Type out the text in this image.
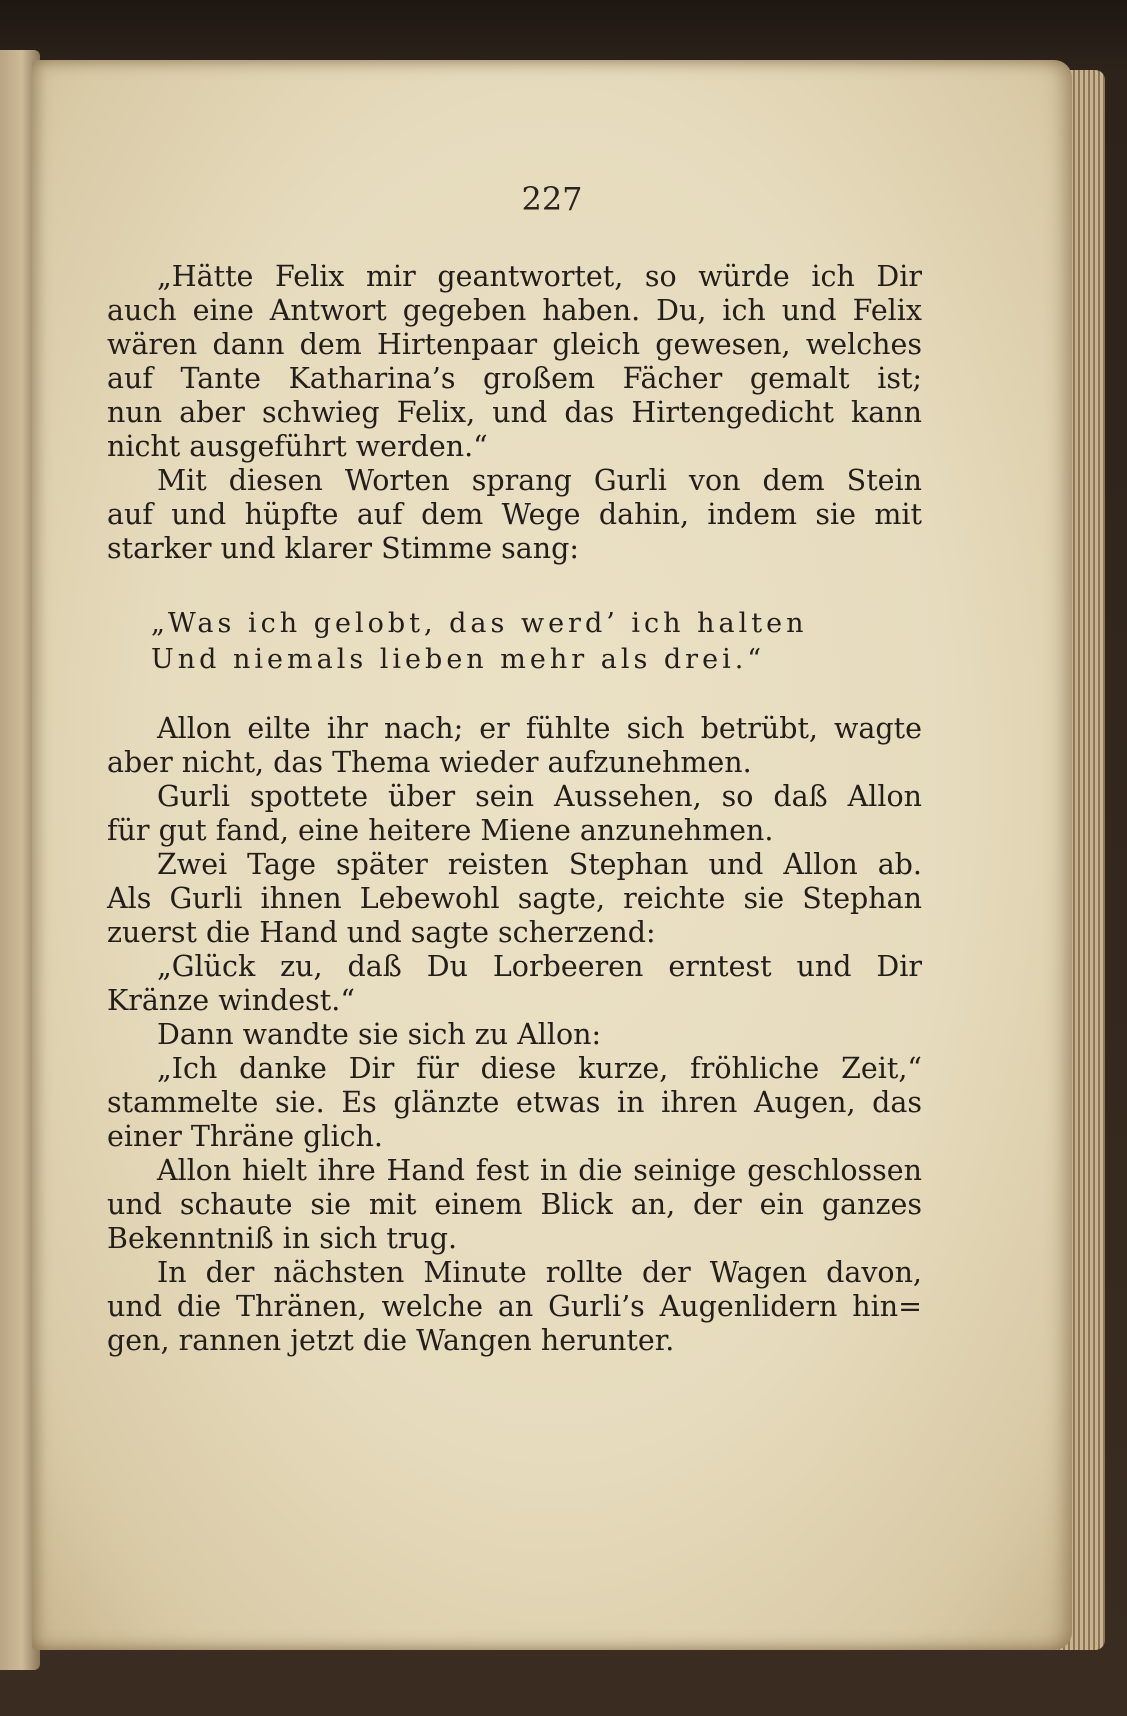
227
„Hätte Felix mir geantwortet, so würde ich Dir
auch eine Antwort gegeben haben. Du, ich und Felix
wären dann dem Hirtenpaar gleich gewesen, welches
auf Tante Katharina’s großem Fächer gemalt ist;
nun aber schwieg Felix, und das Hirtengedicht kann
nicht ausgeführt werden.“
Mit diesen Worten sprang Gurli von dem Stein
auf und hüpfte auf dem Wege dahin, indem sie mit
starker und klarer Stimme sang:
„Was ich gelobt, das werd’ ich halten
Und niemals lieben mehr als drei.“
Allon eilte ihr nach; er fühlte sich betrübt, wagte
aber nicht, das Thema wieder aufzunehmen.
Gurli spottete über sein Aussehen, so daß Allon
für gut fand, eine heitere Miene anzunehmen.
Zwei Tage später reisten Stephan und Allon ab.
Als Gurli ihnen Lebewohl sagte, reichte sie Stephan
zuerst die Hand und sagte scherzend:
„Glück zu, daß Du Lorbeeren erntest und Dir
Kränze windest.“
Dann wandte sie sich zu Allon:
„Ich danke Dir für diese kurze, fröhliche Zeit,“
stammelte sie. Es glänzte etwas in ihren Augen, das
einer Thräne glich.
Allon hielt ihre Hand fest in die seinige geschlossen
und schaute sie mit einem Blick an, der ein ganzes
Bekenntniß in sich trug.
In der nächsten Minute rollte der Wagen davon,
und die Thränen, welche an Gurli’s Augenlidern hin=
gen, rannen jetzt die Wangen herunter.
